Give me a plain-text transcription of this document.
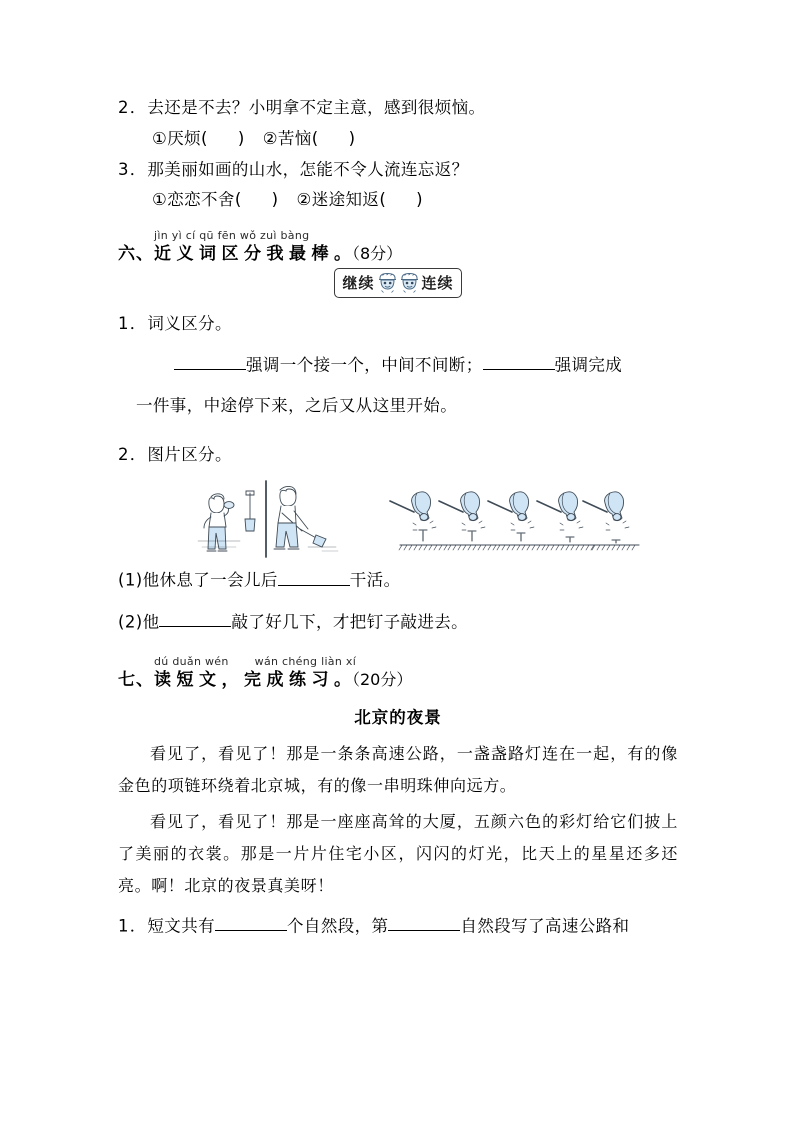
2．去还是不去？小明拿不定主意，感到很烦恼。
①厌烦( ) ②苦恼( )
3．那美丽如画的山水，怎能不令人流连忘返？
①恋恋不舍( ) ②迷途知返( )
jìn yì cí qū fēn wǒ zuì bàng
六、近义词区分我最棒。（8分）
继续	连续
1．词义区分。
强调一个接一个，中间不间断；	强调完成
一件事，中途停下来，之后又从这里开始。
2．图片区分。
(1)他休息了一会儿后	干活。
(2)他	敲了好几下，才把钉子敲进去。
dú duǎn wén wán chéng liàn xí
七、读短文，完成练习。（20分）
北京的夜景
看见了，看见了！那是一条条高速公路，一盏盏路灯连在一起，有的像金色的项链环绕着北京城，有的像一串明珠伸向远方。
看见了，看见了！那是一座座高耸的大厦，五颜六色的彩灯给它们披上了美丽的衣裳。那是一片片住宅小区，闪闪的灯光，比天上的星星还多还亮。啊！北京的夜景真美呀！
1．短文共有	个自然段，第	自然段写了高速公路和
